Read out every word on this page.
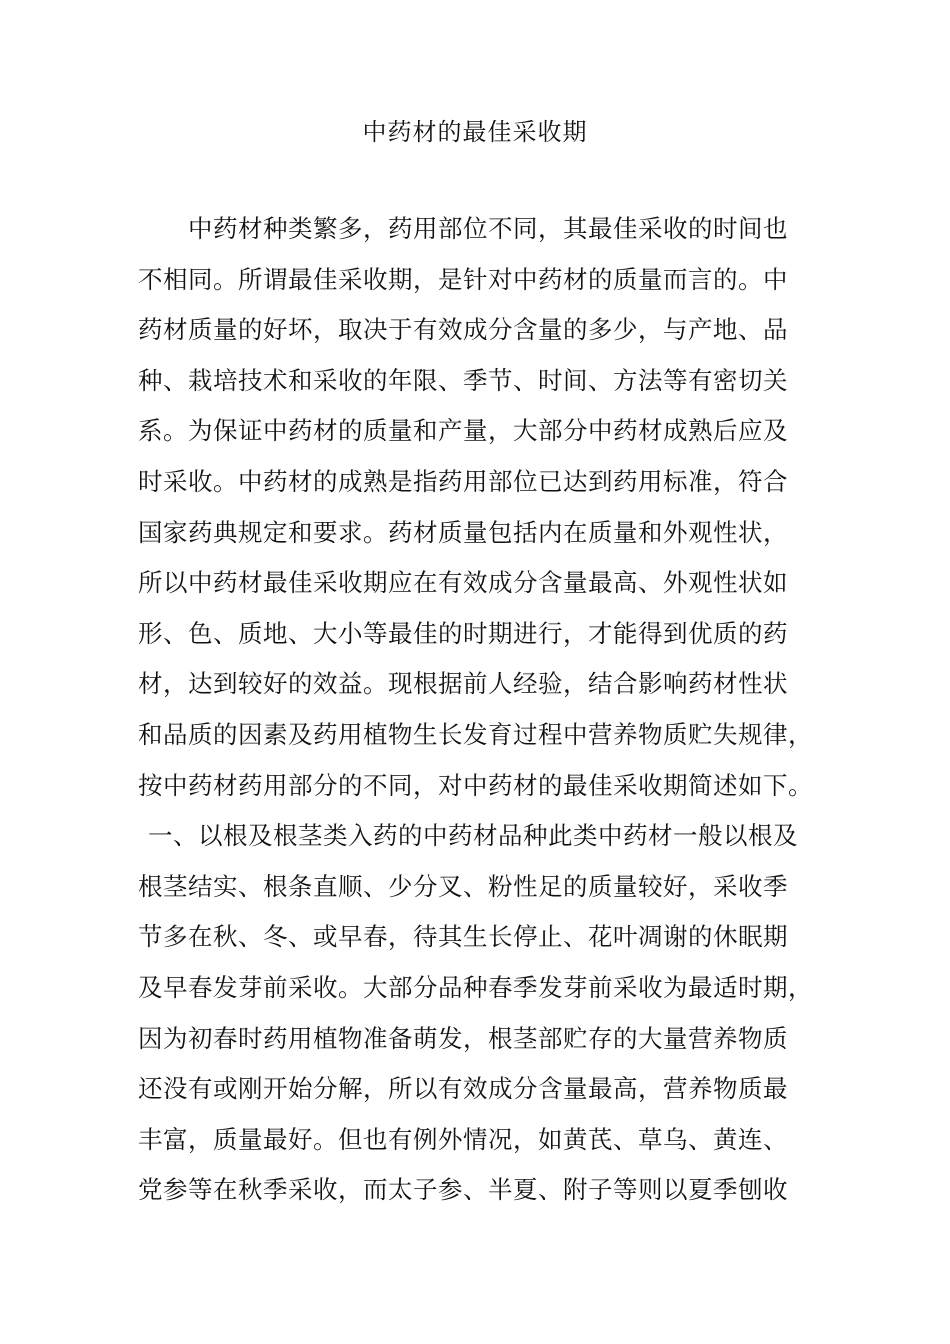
中药材的最佳采收期
中药材种类繁多，药用部位不同，其最佳采收的时间也
不相同。所谓最佳采收期，是针对中药材的质量而言的。中
药材质量的好坏，取决于有效成分含量的多少，与产地、品
种、栽培技术和采收的年限、季节、时间、方法等有密切关
系。为保证中药材的质量和产量，大部分中药材成熟后应及
时采收。中药材的成熟是指药用部位已达到药用标准，符合
国家药典规定和要求。药材质量包括内在质量和外观性状，
所以中药材最佳采收期应在有效成分含量最高、外观性状如
形、色、质地、大小等最佳的时期进行，才能得到优质的药
材，达到较好的效益。现根据前人经验，结合影响药材性状
和品质的因素及药用植物生长发育过程中营养物质贮失规律，
按中药材药用部分的不同，对中药材的最佳采收期简述如下。
一、以根及根茎类入药的中药材品种此类中药材一般以根及
根茎结实、根条直顺、少分叉、粉性足的质量较好，采收季
节多在秋、冬、或早春，待其生长停止、花叶凋谢的休眠期
及早春发芽前采收。大部分品种春季发芽前采收为最适时期，
因为初春时药用植物准备萌发，根茎部贮存的大量营养物质
还没有或刚开始分解，所以有效成分含量最高，营养物质最
丰富，质量最好。但也有例外情况，如黄芪、草乌、黄连、
党参等在秋季采收，而太子参、半夏、附子等则以夏季刨收
